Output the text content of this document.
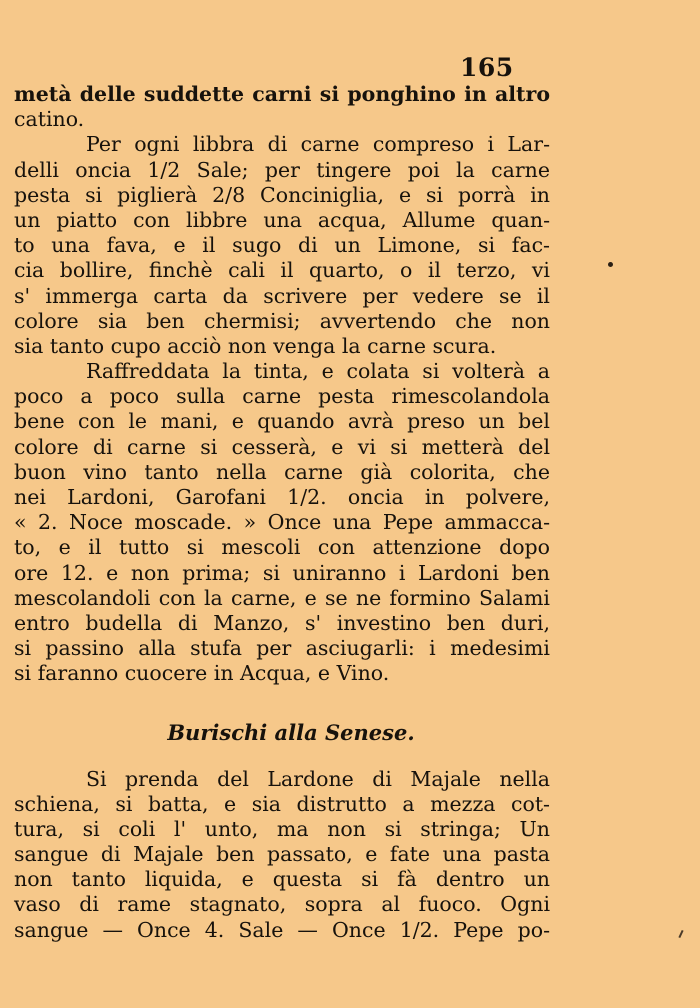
165
metà delle suddette carni si ponghino in altro
catino.
Per ogni libbra di carne compreso i Lar-
delli oncia 1/2 Sale; per tingere poi la carne
pesta si piglierà 2/8 Conciniglia, e si porrà in
un piatto con libbre una acqua, Allume quan-
to una fava, e il sugo di un Limone, si fac-
cia bollire, finchè cali il quarto, o il terzo, vi
s' immerga carta da scrivere per vedere se il
colore sia ben chermisi; avvertendo che non
sia tanto cupo acciò non venga la carne scura.
Raffreddata la tinta, e colata si volterà a
poco a poco sulla carne pesta rimescolandola
bene con le mani, e quando avrà preso un bel
colore di carne si cesserà, e vi si metterà del
buon vino tanto nella carne già colorita, che
nei Lardoni, Garofani 1/2. oncia in polvere,
« 2. Noce moscade. » Once una Pepe ammacca-
to, e il tutto si mescoli con attenzione dopo
ore 12. e non prima; si uniranno i Lardoni ben
mescolandoli con la carne, e se ne formino Salami
entro budella di Manzo, s' investino ben duri,
si passino alla stufa per asciugarli: i medesimi
si faranno cuocere in Acqua, e Vino.
Burischi alla Senese.
Si prenda del Lardone di Majale nella
schiena, si batta, e sia distrutto a mezza cot-
tura, si coli l' unto, ma non si stringa; Un
sangue di Majale ben passato, e fate una pasta
non tanto liquida, e questa si fà dentro un
vaso di rame stagnato, sopra al fuoco. Ogni
sangue — Once 4. Sale — Once 1/2. Pepe po-
